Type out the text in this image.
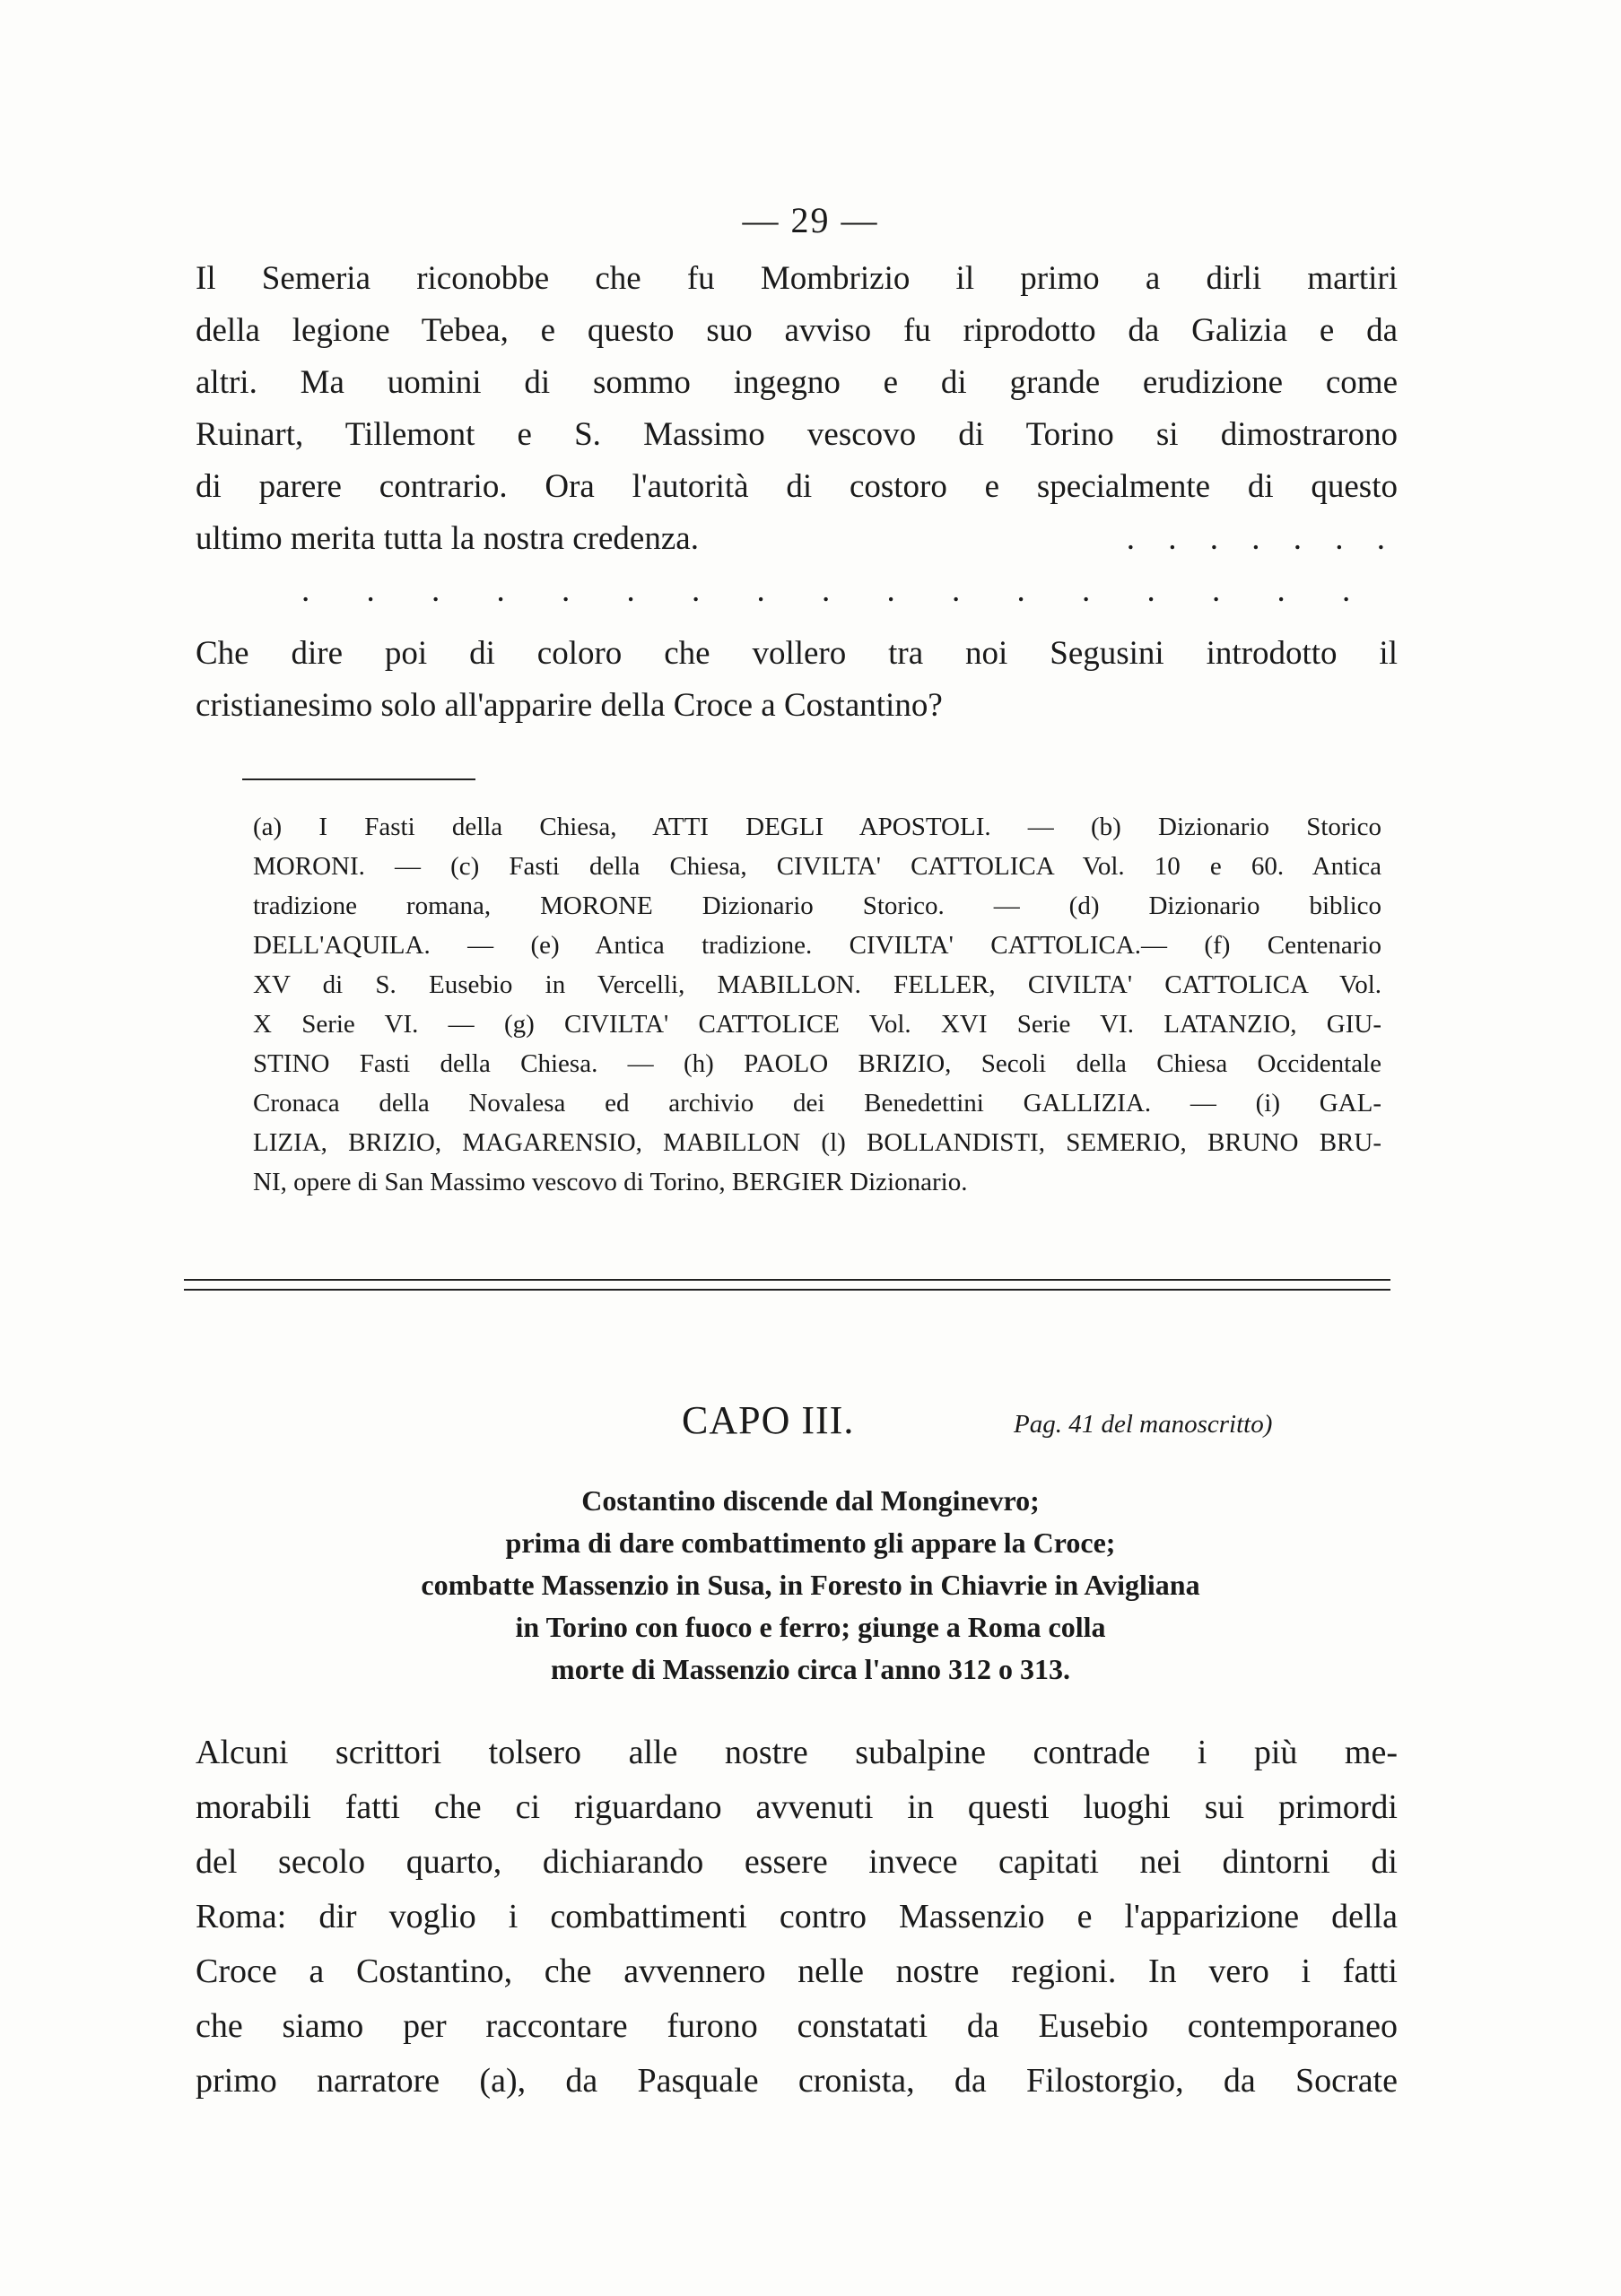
— 29 —
Il Semeria riconobbe che fu Mombrizio il primo a dirli martiri
della legione Tebea, e questo suo avviso fu riprodotto da Galizia e da
altri. Ma uomini di sommo ingegno e di grande erudizione come
Ruinart, Tillemont e S. Massimo vescovo di Torino si dimostrarono
di parere contrario. Ora l'autorità di costoro e specialmente di questo
ultimo merita tutta la nostra credenza.	. . . . . . .
. . . . . . . . . . . . . . . . .
Che dire poi di coloro che vollero tra noi Segusini introdotto il
cristianesimo solo all'apparire della Croce a Costantino?
(a) I Fasti della Chiesa, ATTI DEGLI APOSTOLI. — (b) Dizionario Storico
MORONI. — (c) Fasti della Chiesa, CIVILTA' CATTOLICA Vol. 10 e 60. Antica
tradizione romana, MORONE Dizionario Storico. — (d) Dizionario biblico
DELL'AQUILA. — (e) Antica tradizione. CIVILTA' CATTOLICA.— (f) Centenario
XV di S. Eusebio in Vercelli, MABILLON. FELLER, CIVILTA' CATTOLICA Vol.
X Serie VI. — (g) CIVILTA' CATTOLICE Vol. XVI Serie VI. LATANZIO, GIU-
STINO Fasti della Chiesa. — (h) PAOLO BRIZIO, Secoli della Chiesa Occidentale
Cronaca della Novalesa ed archivio dei Benedettini GALLIZIA. — (i) GAL-
LIZIA, BRIZIO, MAGARENSIO, MABILLON (l) BOLLANDISTI, SEMERIO, BRUNO BRU-
NI, opere di San Massimo vescovo di Torino, BERGIER Dizionario.
CAPO III.	Pag. 41 del manoscritto)
Costantino discende dal Monginevro;
prima di dare combattimento gli appare la Croce;
combatte Massenzio in Susa, in Foresto in Chiavrie in Avigliana
in Torino con fuoco e ferro; giunge a Roma colla
morte di Massenzio circa l'anno 312 o 313.
Alcuni scrittori tolsero alle nostre subalpine contrade i più me-
morabili fatti che ci riguardano avvenuti in questi luoghi sui primordi
del secolo quarto, dichiarando essere invece capitati nei dintorni di
Roma: dir voglio i combattimenti contro Massenzio e l'apparizione della
Croce a Costantino, che avvennero nelle nostre regioni. In vero i fatti
che siamo per raccontare furono constatati da Eusebio contemporaneo
primo narratore (a), da Pasquale cronista, da Filostorgio, da Socrate
